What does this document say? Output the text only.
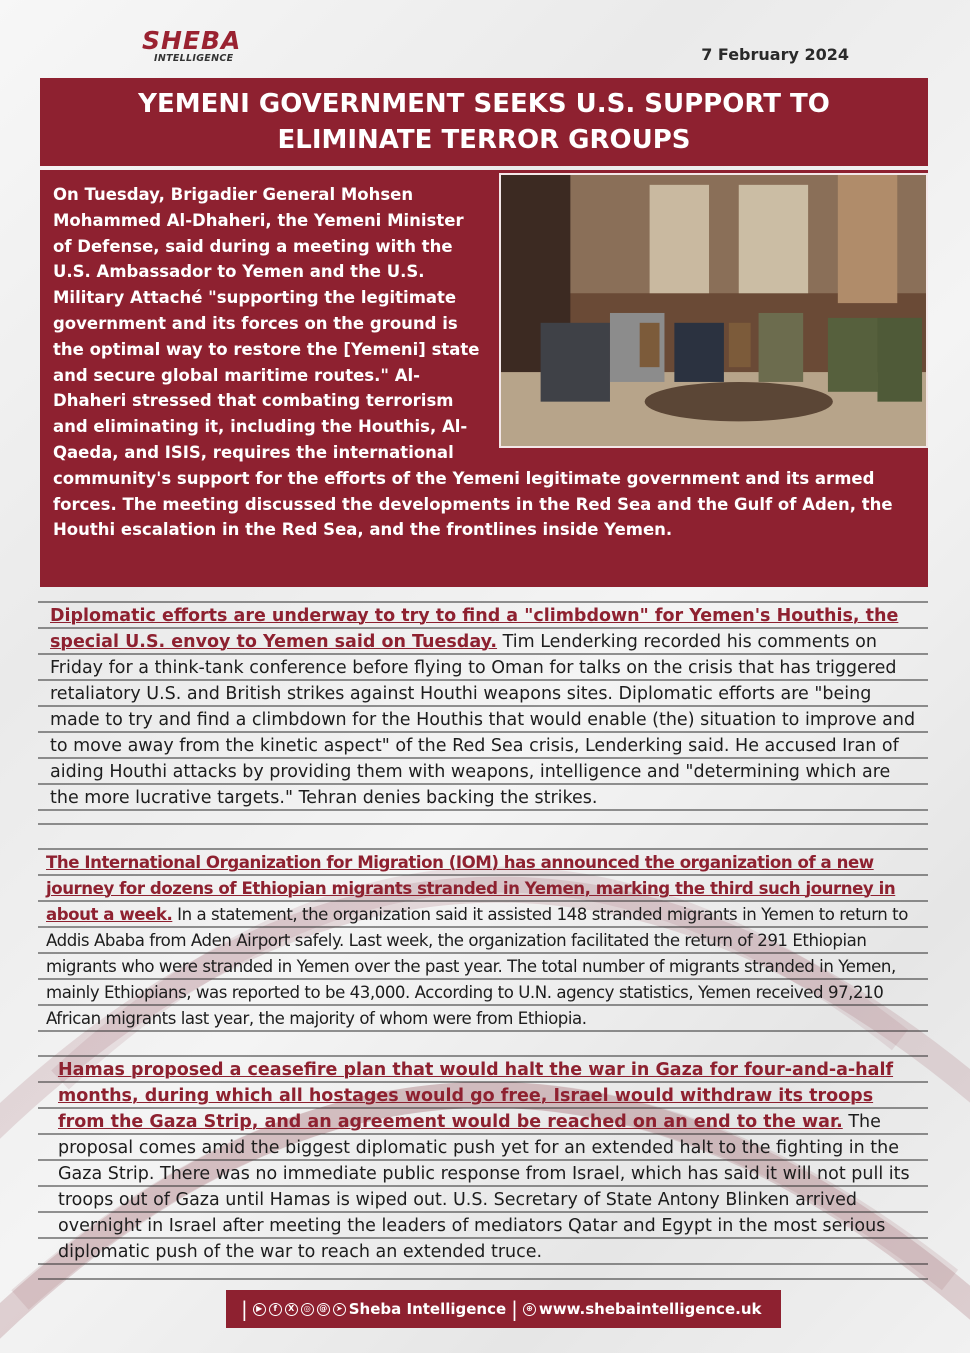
SHEBA
INTELLIGENCE	7 February 2024
YEMENI GOVERNMENT SEEKS U.S. SUPPORT TO
ELIMINATE TERROR GROUPS

On Tuesday, Brigadier General Mohsen Mohammed Al-Dhaheri, the Yemeni Minister of Defense, said during a meeting with the U.S. Ambassador to Yemen and the U.S. Military Attaché "supporting the legitimate government and its forces on the ground is the optimal way to restore the [Yemeni] state and secure global maritime routes." Al-Dhaheri stressed that combating terrorism and eliminating it, including the Houthis, Al-Qaeda, and ISIS, requires the international community's support for the efforts of the Yemeni legitimate government and its armed forces. The meeting discussed the developments in the Red Sea and the Gulf of Aden, the Houthi escalation in the Red Sea, and the frontlines inside Yemen.

Diplomatic efforts are underway to try to find a "climbdown" for Yemen's Houthis, the special U.S. envoy to Yemen said on Tuesday. Tim Lenderking recorded his comments on Friday for a think-tank conference before flying to Oman for talks on the crisis that has triggered retaliatory U.S. and British strikes against Houthi weapons sites. Diplomatic efforts are "being made to try and find a climbdown for the Houthis that would enable (the) situation to improve and to move away from the kinetic aspect" of the Red Sea crisis, Lenderking said. He accused Iran of aiding Houthi attacks by providing them with weapons, intelligence and "determining which are the more lucrative targets." Tehran denies backing the strikes.

The International Organization for Migration (IOM) has announced the organization of a new journey for dozens of Ethiopian migrants stranded in Yemen, marking the third such journey in about a week. In a statement, the organization said it assisted 148 stranded migrants in Yemen to return to Addis Ababa from Aden Airport safely. Last week, the organization facilitated the return of 291 Ethiopian migrants who were stranded in Yemen over the past year. The total number of migrants stranded in Yemen, mainly Ethiopians, was reported to be 43,000. According to U.N. agency statistics, Yemen received 97,210 African migrants last year, the majority of whom were from Ethiopia.

Hamas proposed a ceasefire plan that would halt the war in Gaza for four-and-a-half months, during which all hostages would go free, Israel would withdraw its troops from the Gaza Strip, and an agreement would be reached on an end to the war. The proposal comes amid the biggest diplomatic push yet for an extended halt to the fighting in the Gaza Strip. There was no immediate public response from Israel, which has said it will not pull its troops out of Gaza until Hamas is wiped out. U.S. Secretary of State Antony Blinken arrived overnight in Israel after meeting the leaders of mediators Qatar and Egypt in the most serious diplomatic push of the war to reach an extended truce.

|	▶	f	X	◎	@	➤ Sheba Intelligence |	⊕ www.shebaintelligence.uk
